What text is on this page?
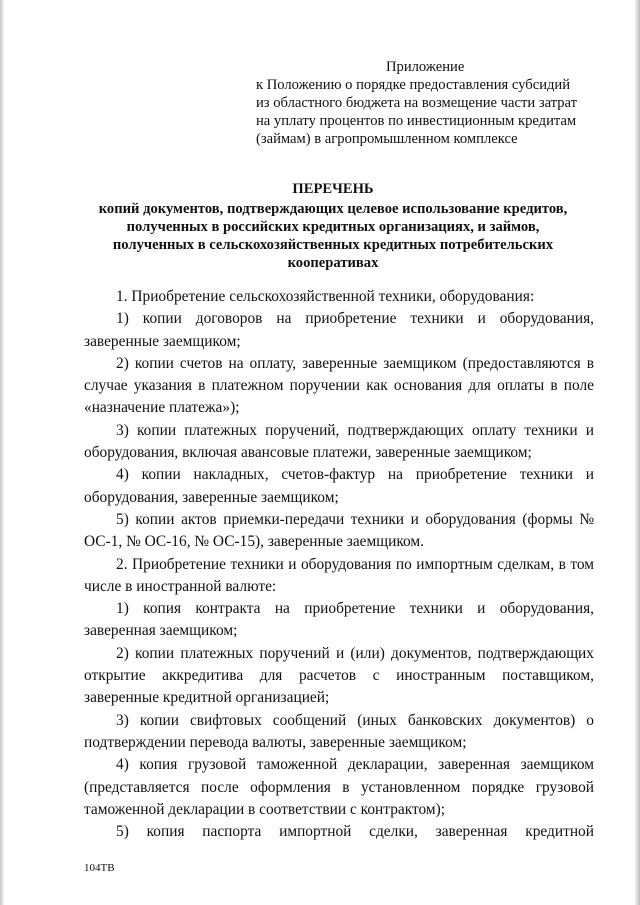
Приложение
к Положению о порядке предоставления субсидий
из областного бюджета на возмещение части затрат
на уплату процентов по инвестиционным кредитам
(займам) в агропромышленном комплексе
ПЕРЕЧЕНЬ
копий документов, подтверждающих целевое использование кредитов,
полученных в российских кредитных организациях, и займов,
полученных в сельскохозяйственных кредитных потребительских
кооперативах

1. Приобретение сельскохозяйственной техники, оборудования:

1) копии договоров на приобретение техники и оборудования, заверенные заемщиком;

2) копии счетов на оплату, заверенные заемщиком (предоставляются в случае указания в платежном поручении как основания для оплаты в поле «назначение платежа»);

3) копии платежных поручений, подтверждающих оплату техники и оборудования, включая авансовые платежи, заверенные заемщиком;

4) копии накладных, счетов-фактур на приобретение техники и оборудования, заверенные заемщиком;

5) копии актов приемки-передачи техники и оборудования (формы № ОС-1, № ОС-16, № ОС-15), заверенные заемщиком.

2. Приобретение техники и оборудования по импортным сделкам, в том числе в иностранной валюте:

1) копия контракта на приобретение техники и оборудования, заверенная заемщиком;

2) копии платежных поручений и (или) документов, подтверждающих открытие аккредитива для расчетов с иностранным поставщиком, заверенные кредитной организацией;

3) копии свифтовых сообщений (иных банковских документов) о подтверждении перевода валюты, заверенные заемщиком;

4) копия грузовой таможенной декларации, заверенная заемщиком (представляется после оформления в установленном порядке грузовой таможенной декларации в соответствии с контрактом);

5) копия паспорта импортной сделки, заверенная кредитной

104ТВ
